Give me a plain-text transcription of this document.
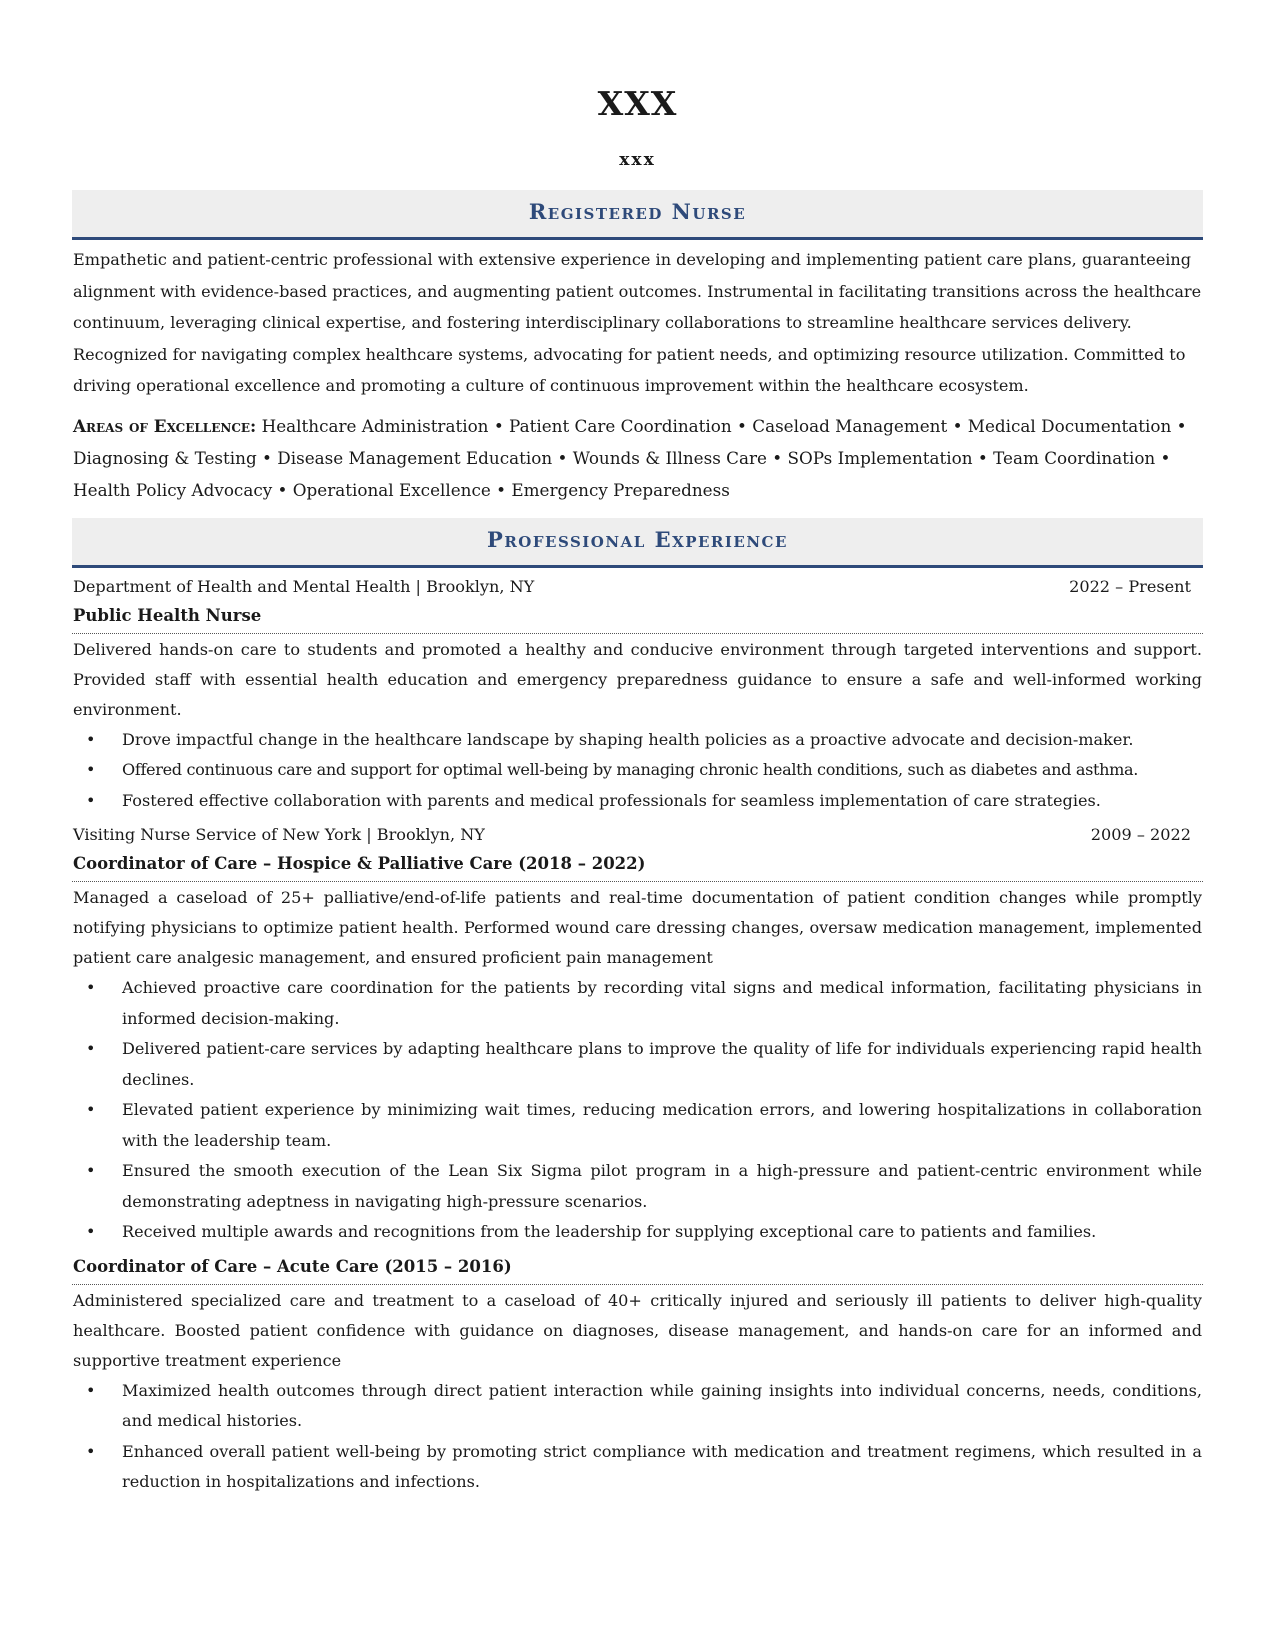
XXX
xxx
Registered Nurse

Empathetic and patient-centric professional with extensive experience in developing and implementing patient care plans, guaranteeing alignment with evidence-based practices, and augmenting patient outcomes. Instrumental in facilitating transitions across the healthcare continuum, leveraging clinical expertise, and fostering interdisciplinary collaborations to streamline healthcare services delivery. Recognized for navigating complex healthcare systems, advocating for patient needs, and optimizing resource utilization. Committed to driving operational excellence and promoting a culture of continuous improvement within the healthcare ecosystem.

Areas of Excellence: Healthcare Administration • Patient Care Coordination • Caseload Management • Medical Documentation • Diagnosing & Testing • Disease Management Education • Wounds & Illness Care • SOPs Implementation • Team Coordination • Health Policy Advocacy • Operational Excellence • Emergency Preparedness

Professional Experience
Department of Health and Mental Health | Brooklyn, NY	2022 – Present
Public Health Nurse

Delivered hands-on care to students and promoted a healthy and conducive environment through targeted interventions and support. Provided staff with essential health education and emergency preparedness guidance to ensure a safe and well-informed working environment.

• Drove impactful change in the healthcare landscape by shaping health policies as a proactive advocate and decision-maker.
• Offered continuous care and support for optimal well-being by managing chronic health conditions, such as diabetes and asthma.
• Fostered effective collaboration with parents and medical professionals for seamless implementation of care strategies.
Visiting Nurse Service of New York | Brooklyn, NY	2009 – 2022
Coordinator of Care – Hospice & Palliative Care (2018 – 2022)

Managed a caseload of 25+ palliative/end-of-life patients and real-time documentation of patient condition changes while promptly notifying physicians to optimize patient health. Performed wound care dressing changes, oversaw medication management, implemented patient care analgesic management, and ensured proficient pain management

• Achieved proactive care coordination for the patients by recording vital signs and medical information, facilitating physicians in informed decision-making.
• Delivered patient-care services by adapting healthcare plans to improve the quality of life for individuals experiencing rapid health declines.
• Elevated patient experience by minimizing wait times, reducing medication errors, and lowering hospitalizations in collaboration with the leadership team.
• Ensured the smooth execution of the Lean Six Sigma pilot program in a high-pressure and patient-centric environment while demonstrating adeptness in navigating high-pressure scenarios.
• Received multiple awards and recognitions from the leadership for supplying exceptional care to patients and families.
Coordinator of Care – Acute Care (2015 – 2016)

Administered specialized care and treatment to a caseload of 40+ critically injured and seriously ill patients to deliver high-quality healthcare. Boosted patient confidence with guidance on diagnoses, disease management, and hands-on care for an informed and supportive treatment experience

• Maximized health outcomes through direct patient interaction while gaining insights into individual concerns, needs, conditions, and medical histories.
• Enhanced overall patient well-being by promoting strict compliance with medication and treatment regimens, which resulted in a reduction in hospitalizations and infections.
